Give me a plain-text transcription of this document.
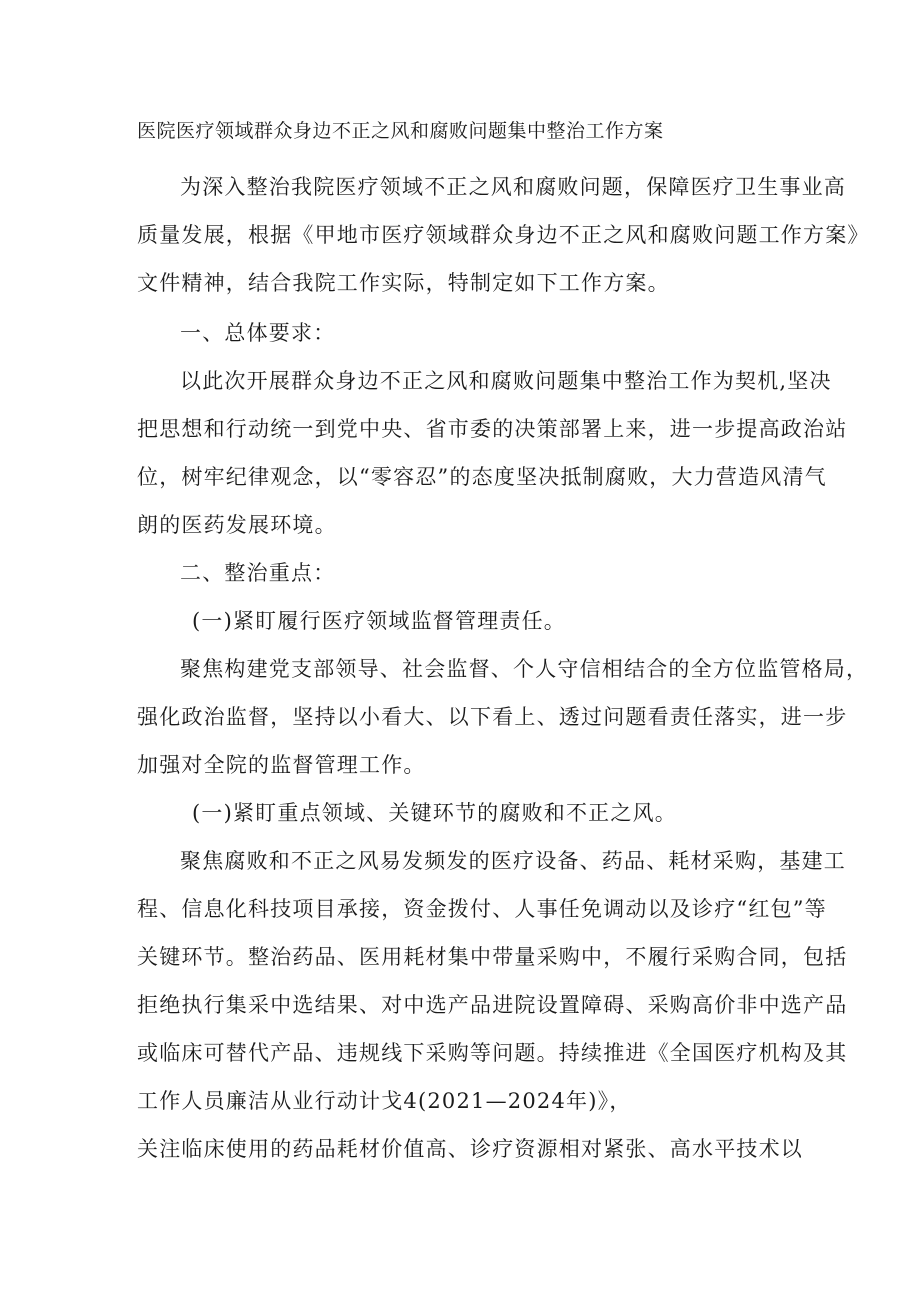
医院医疗领域群众身边不正之风和腐败问题集中整治工作方案

为深入整治我院医疗领域不正之风和腐败问题，保障医疗卫生事业高

质量发展，根据《甲地市医疗领域群众身边不正之风和腐败问题工作方案》

文件精神，结合我院工作实际，特制定如下工作方案。

一、总体要求：

以此次开展群众身边不正之风和腐败问题集中整治工作为契机,坚决

把思想和行动统一到党中央、省市委的决策部署上来，进一步提高政治站

位，树牢纪律观念，以“零容忍”的态度坚决抵制腐败，大力营造风清气

朗的医药发展环境。

二、整治重点：

(一)紧盯履行医疗领域监督管理责任。

聚焦构建党支部领导、社会监督、个人守信相结合的全方位监管格局，

强化政治监督，坚持以小看大、以下看上、透过问题看责任落实，进一步

加强对全院的监督管理工作。

(一)紧盯重点领域、关键环节的腐败和不正之风。

聚焦腐败和不正之风易发频发的医疗设备、药品、耗材采购，基建工

程、信息化科技项目承接，资金拨付、人事任免调动以及诊疗“红包”等

关键环节。整治药品、医用耗材集中带量采购中，不履行采购合同，包括

拒绝执行集采中选结果、对中选产品进院设置障碍、采购高价非中选产品

或临床可替代产品、违规线下采购等问题。持续推进《全国医疗机构及其

工作人员廉洁从业行动计戈4(2021—2024年)》，

关注临床使用的药品耗材价值高、诊疗资源相对紧张、高水平技术以
